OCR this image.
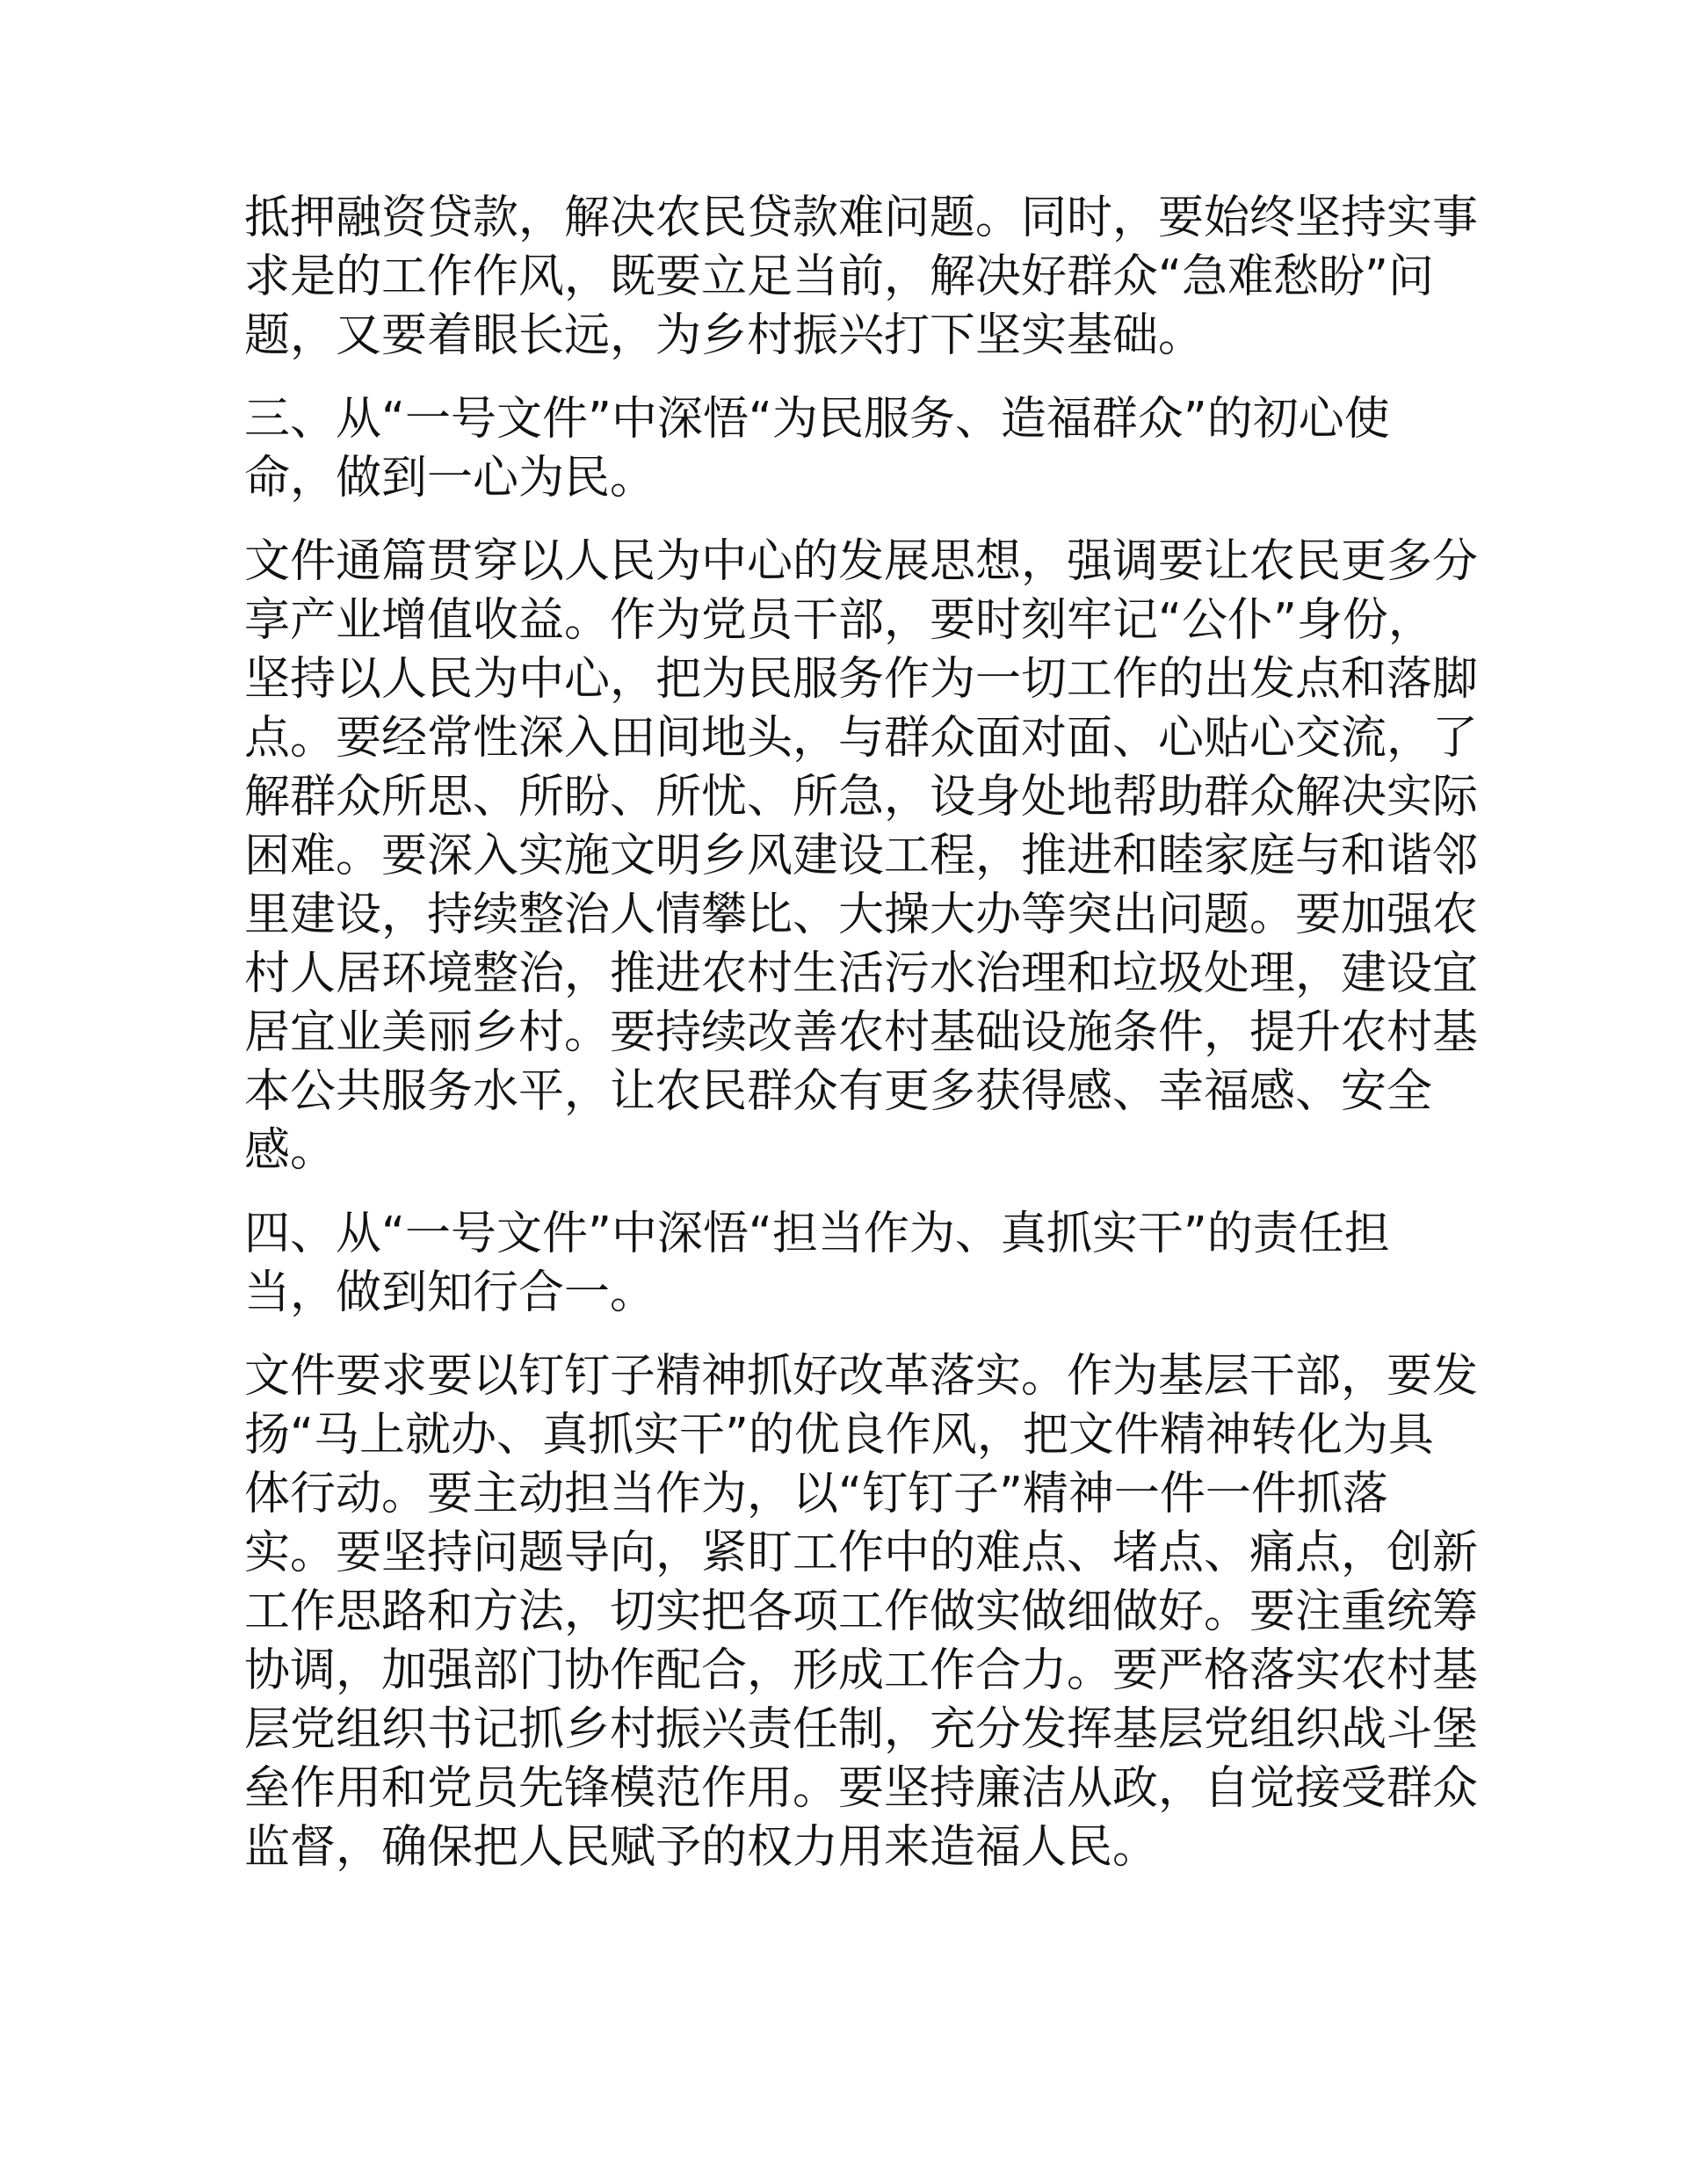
抵押融资贷款，解决农民贷款难问题。同时，要始终坚持实事
求是的工作作风，既要立足当前，解决好群众“急难愁盼”问
题，又要着眼长远，为乡村振兴打下坚实基础。
三、从“一号文件”中深悟“为民服务、造福群众”的初心使
命，做到一心为民。
文件通篇贯穿以人民为中心的发展思想，强调要让农民更多分
享产业增值收益。作为党员干部，要时刻牢记“公仆”身份，
坚持以人民为中心，把为民服务作为一切工作的出发点和落脚
点。要经常性深入田间地头，与群众面对面、心贴心交流，了
解群众所思、所盼、所忧、所急，设身处地帮助群众解决实际
困难。要深入实施文明乡风建设工程，推进和睦家庭与和谐邻
里建设，持续整治人情攀比、大操大办等突出问题。要加强农
村人居环境整治，推进农村生活污水治理和垃圾处理，建设宜
居宜业美丽乡村。要持续改善农村基础设施条件，提升农村基
本公共服务水平，让农民群众有更多获得感、幸福感、安全
感。
四、从“一号文件”中深悟“担当作为、真抓实干”的责任担
当，做到知行合一。
文件要求要以钉钉子精神抓好改革落实。作为基层干部，要发
扬“马上就办、真抓实干”的优良作风，把文件精神转化为具
体行动。要主动担当作为，以“钉钉子”精神一件一件抓落
实。要坚持问题导向，紧盯工作中的难点、堵点、痛点，创新
工作思路和方法，切实把各项工作做实做细做好。要注重统筹
协调，加强部门协作配合，形成工作合力。要严格落实农村基
层党组织书记抓乡村振兴责任制，充分发挥基层党组织战斗堡
垒作用和党员先锋模范作用。要坚持廉洁从政，自觉接受群众
监督，确保把人民赋予的权力用来造福人民。
